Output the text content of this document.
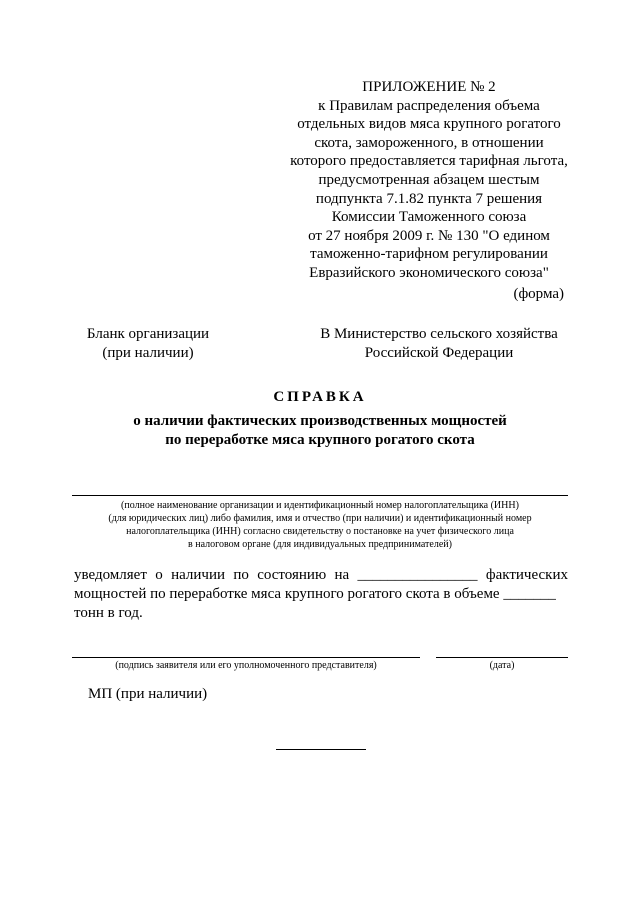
ПРИЛОЖЕНИЕ № 2
к Правилам распределения объема
отдельных видов мяса крупного рогатого
скота, замороженного, в отношении
которого предоставляется тарифная льгота,
предусмотренная абзацем шестым
подпункта 7.1.82 пункта 7 решения
Комиссии Таможенного союза
от 27 ноября 2009 г. № 130 "О едином
таможенно-тарифном регулировании
Евразийского экономического союза"
(форма)
Бланк организации
(при наличии)
В Министерство сельского хозяйства
Российской Федерации
СПРАВКА
о наличии фактических производственных мощностей
по переработке мяса крупного рогатого скота
(полное наименование организации и идентификационный номер налогоплательщика (ИНН)
(для юридических лиц) либо фамилия, имя и отчество (при наличии) и идентификационный номер
налогоплательщика (ИНН) согласно свидетельству о постановке на учет физического лица
в налоговом органе (для индивидуальных предпринимателей)
уведомляет о наличии по состоянию на ________________ фактических
мощностей по переработке мяса крупного рогатого скота в объеме _______
тонн в год.
(подпись заявителя или его уполномоченного представителя)	(дата)
МП (при наличии)
